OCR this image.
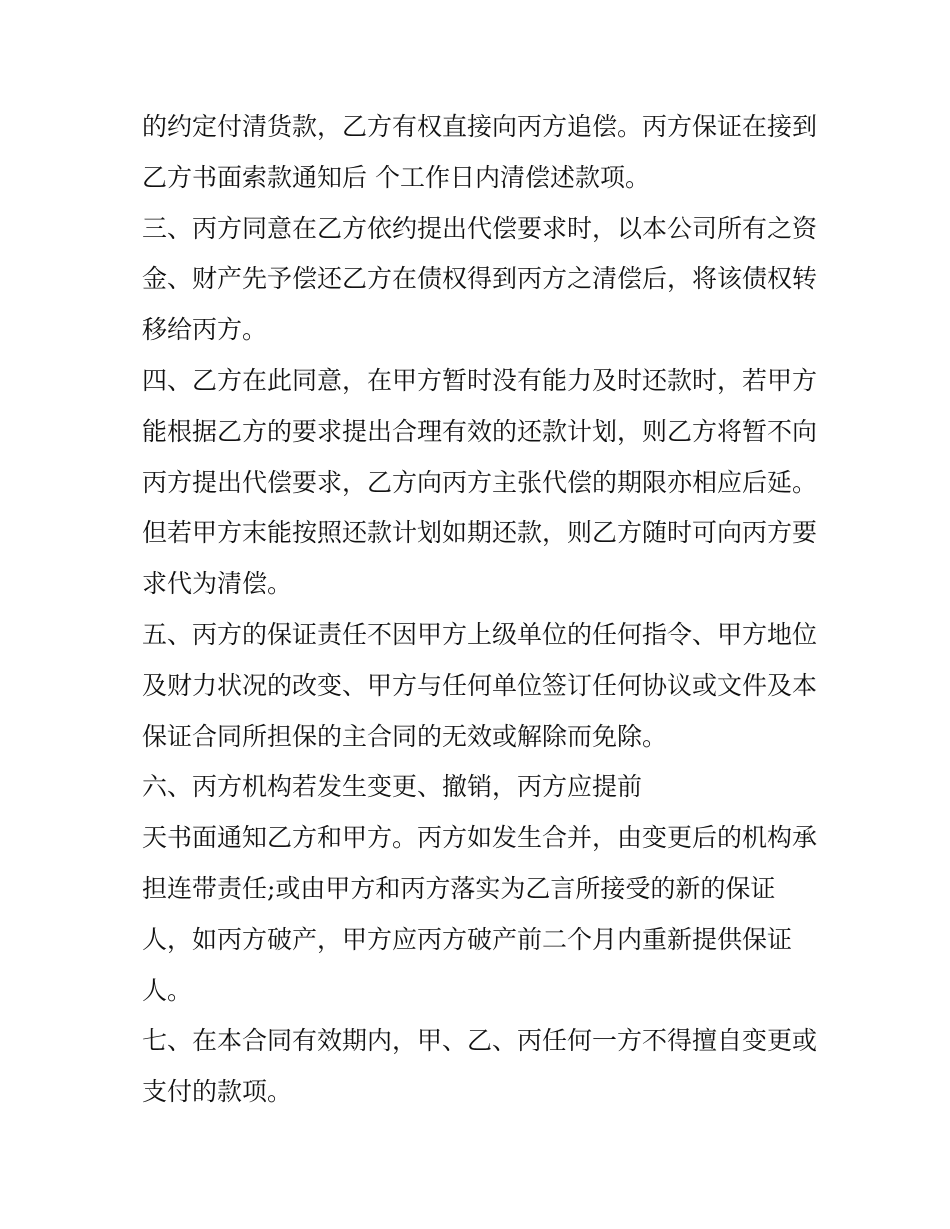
的约定付清货款，乙方有权直接向丙方追偿。丙方保证在接到
乙方书面索款通知后 个工作日内清偿述款项。
三、丙方同意在乙方依约提出代偿要求时，以本公司所有之资
金、财产先予偿还乙方在债权得到丙方之清偿后，将该债权转
移给丙方。
四、乙方在此同意，在甲方暂时没有能力及时还款时，若甲方
能根据乙方的要求提出合理有效的还款计划，则乙方将暂不向
丙方提出代偿要求，乙方向丙方主张代偿的期限亦相应后延。
但若甲方末能按照还款计划如期还款，则乙方随时可向丙方要
求代为清偿。
五、丙方的保证责任不因甲方上级单位的任何指令、甲方地位
及财力状况的改变、甲方与任何单位签订任何协议或文件及本
保证合同所担保的主合同的无效或解除而免除。
六、丙方机构若发生变更、撤销，丙方应提前
天书面通知乙方和甲方。丙方如发生合并，由变更后的机构承
担连带责任;或由甲方和丙方落实为乙言所接受的新的保证
人，如丙方破产，甲方应丙方破产前二个月内重新提供保证
人。
七、在本合同有效期内，甲、乙、丙任何一方不得擅自变更或
支付的款项。
